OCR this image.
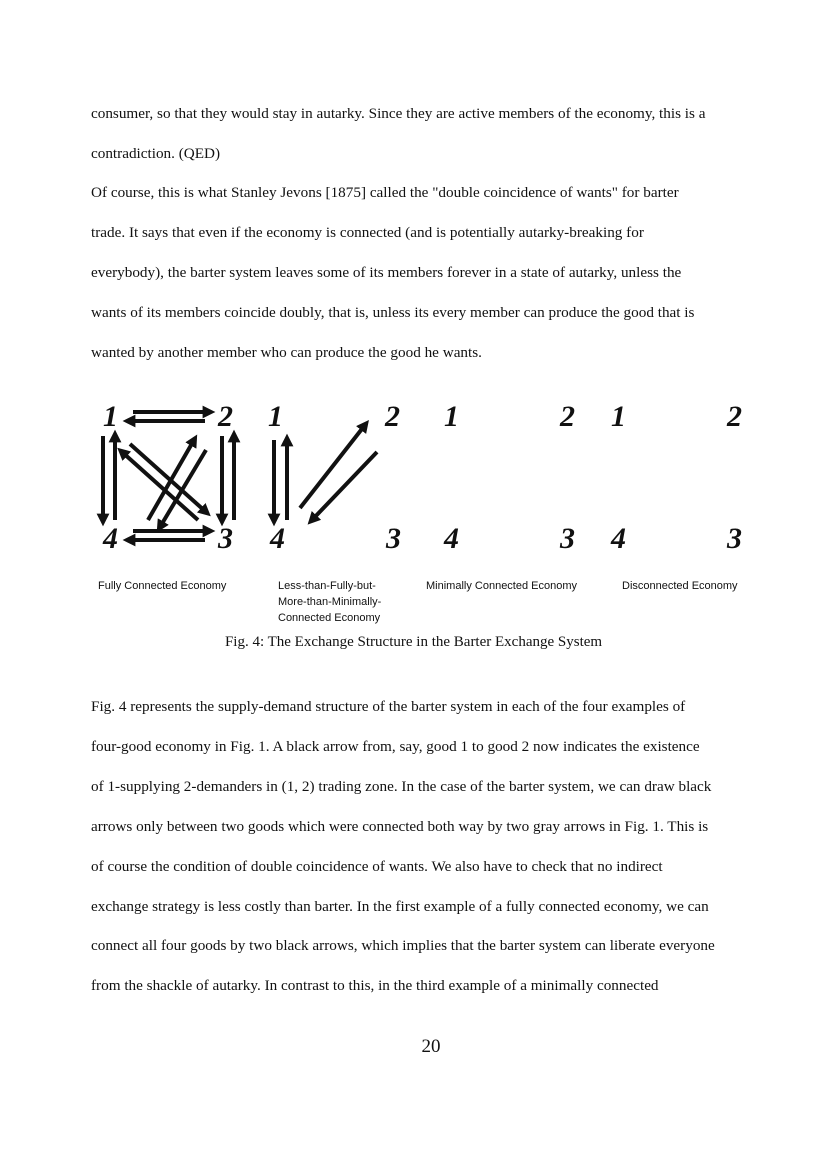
consumer, so that they would stay in autarky. Since they are active members of the economy, this is a
contradiction. (QED)
Of course, this is what Stanley Jevons [1875] called the "double coincidence of wants" for barter
trade. It says that even if the economy is connected (and is potentially autarky-breaking for
everybody), the barter system leaves some of its members forever in a state of autarky, unless the
wants of its members coincide doubly, that is, unless its every member can produce the good that is
wanted by another member who can produce the good he wants.
1	2
4	3
1	2
4	3
1	2
4	3
1	2
4	3
Fully Connected Economy	Less-than-Fully-but-
More-than-Minimally-
Connected Economy
Minimally Connected Economy	Disconnected Economy
Fig. 4: The Exchange Structure in the Barter Exchange System
Fig. 4 represents the supply-demand structure of the barter system in each of the four examples of
four-good economy in Fig. 1. A black arrow from, say, good 1 to good 2 now indicates the existence
of 1-supplying 2-demanders in (1, 2) trading zone. In the case of the barter system, we can draw black
arrows only between two goods which were connected both way by two gray arrows in Fig. 1. This is
of course the condition of double coincidence of wants. We also have to check that no indirect
exchange strategy is less costly than barter. In the first example of a fully connected economy, we can
connect all four goods by two black arrows, which implies that the barter system can liberate everyone
from the shackle of autarky. In contrast to this, in the third example of a minimally connected
20
